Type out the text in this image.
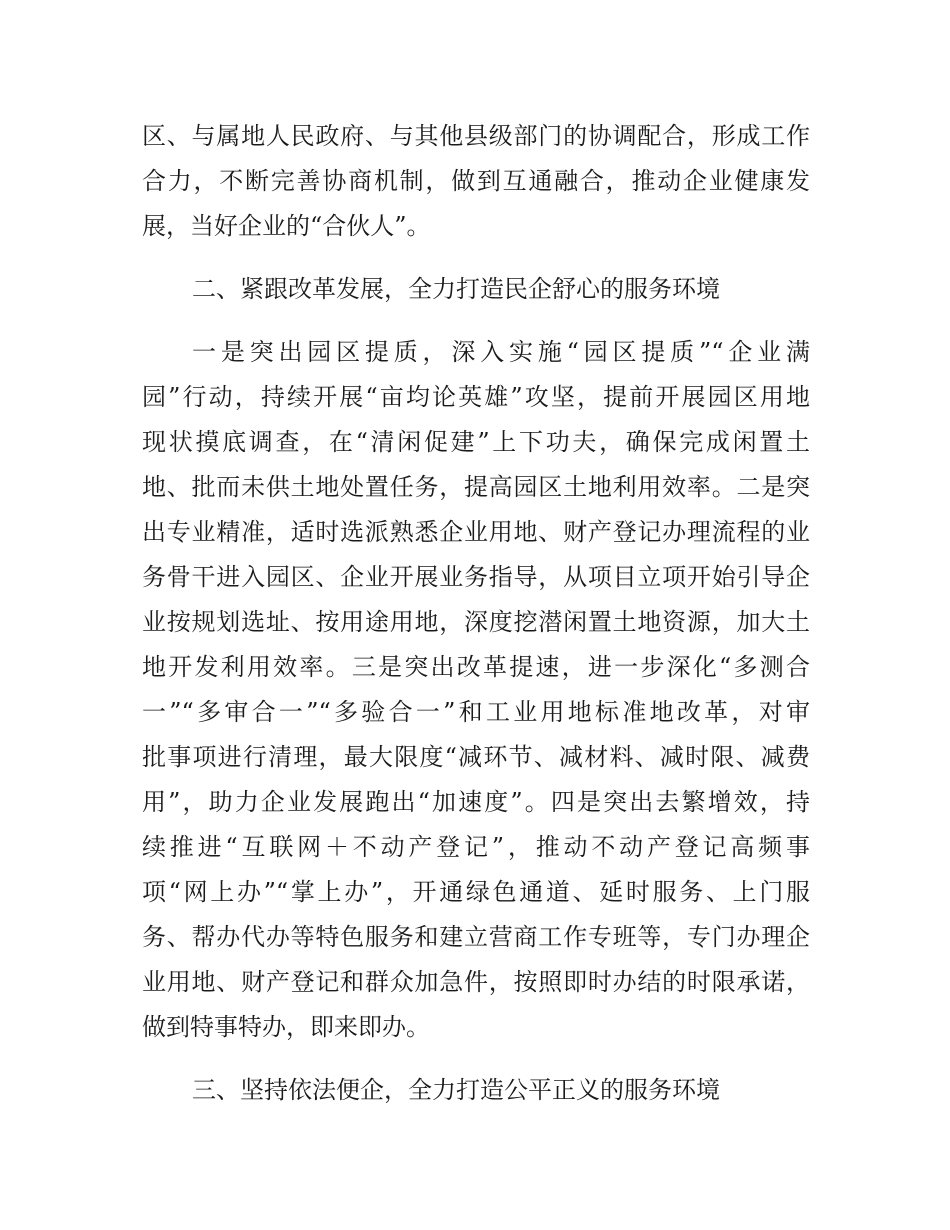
区、与属地人民政府、与其他县级部门的协调配合，形成工作
合力，不断完善协商机制，做到互通融合，推动企业健康发
展，当好企业的“合伙人”。
二、紧跟改革发展，全力打造民企舒心的服务环境
一是突出园区提质，深入实施“园区提质”“企业满
园”行动，持续开展“亩均论英雄”攻坚，提前开展园区用地
现状摸底调查，在“清闲促建”上下功夫，确保完成闲置土
地、批而未供土地处置任务，提高园区土地利用效率。二是突
出专业精准，适时选派熟悉企业用地、财产登记办理流程的业
务骨干进入园区、企业开展业务指导，从项目立项开始引导企
业按规划选址、按用途用地，深度挖潜闲置土地资源，加大土
地开发利用效率。三是突出改革提速，进一步深化“多测合
一”“多审合一”“多验合一”和工业用地标准地改革，对审
批事项进行清理，最大限度“减环节、减材料、减时限、减费
用”，助力企业发展跑出“加速度”。四是突出去繁增效，持
续推进“互联网＋不动产登记”，推动不动产登记高频事
项“网上办”“掌上办”，开通绿色通道、延时服务、上门服
务、帮办代办等特色服务和建立营商工作专班等，专门办理企
业用地、财产登记和群众加急件，按照即时办结的时限承诺，
做到特事特办，即来即办。
三、坚持依法便企，全力打造公平正义的服务环境
